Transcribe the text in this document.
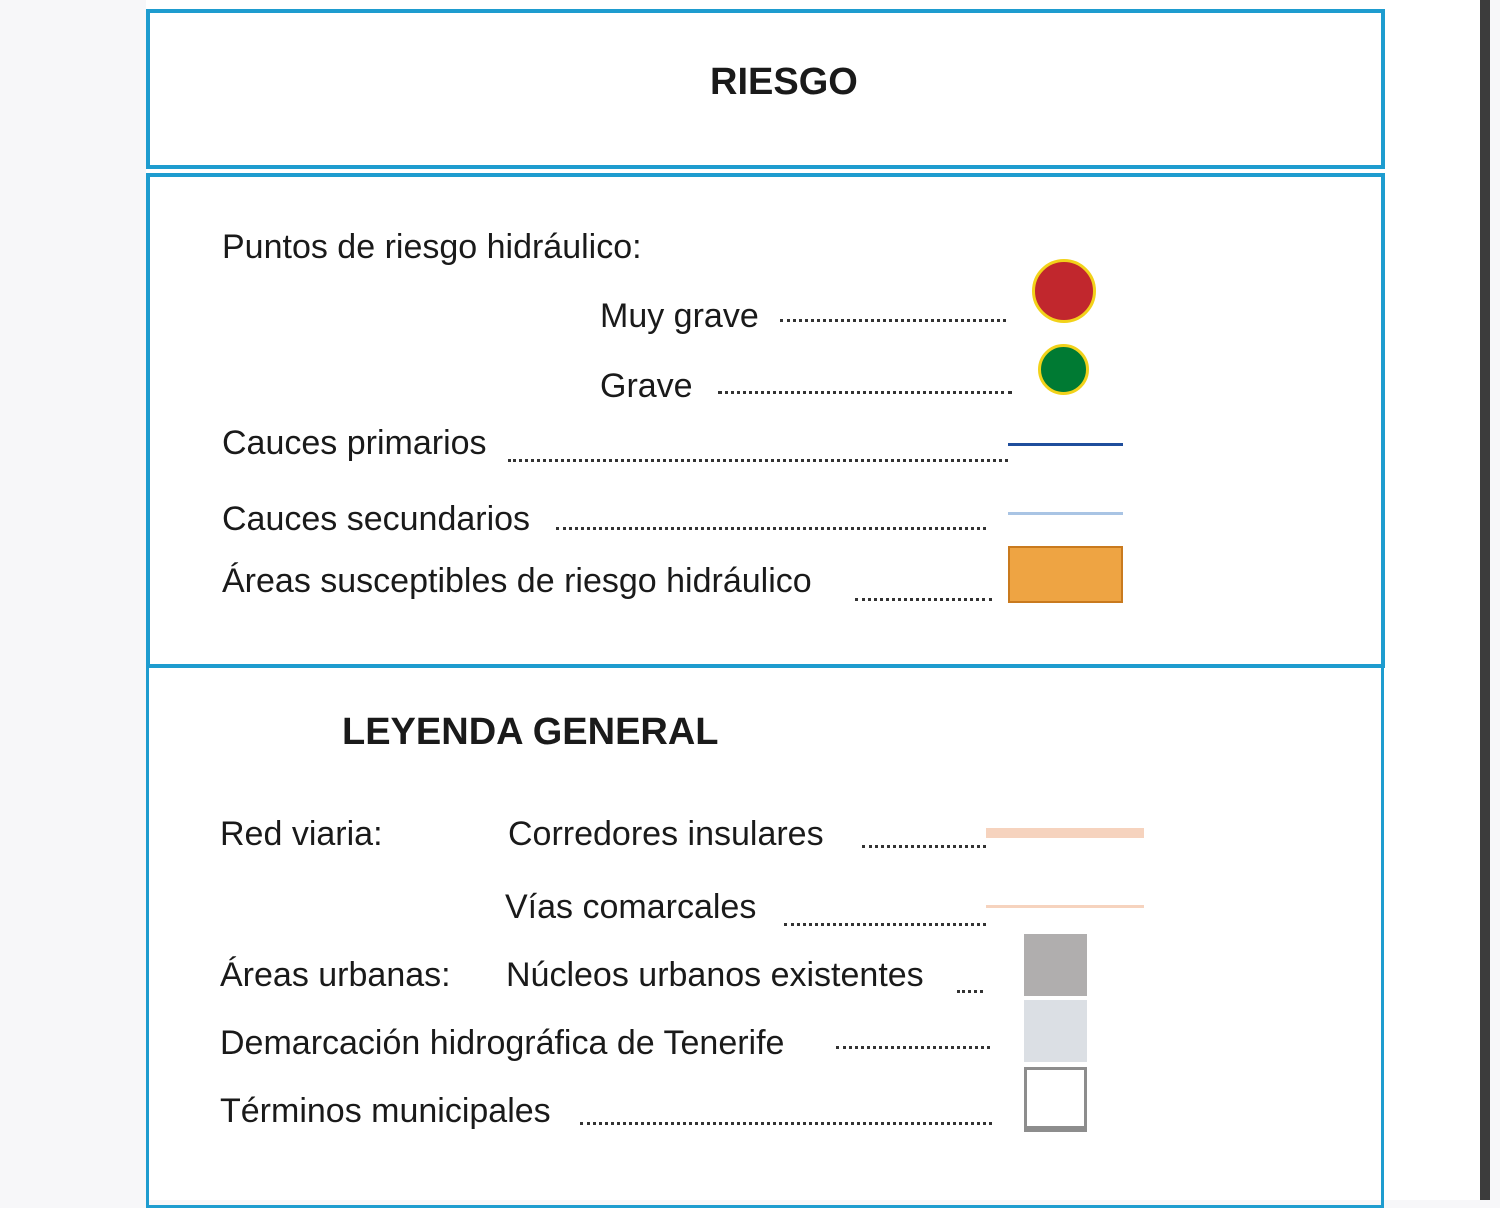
RIESGO
Puntos de riesgo hidráulico:
Muy grave
Grave
Cauces primarios
Cauces secundarios
Áreas susceptibles de riesgo hidráulico
LEYENDA GENERAL
Red viaria:	Corredores insulares
Vías comarcales
Áreas urbanas: Núcleos urbanos existentes
Demarcación hidrográfica de Tenerife
Términos municipales
